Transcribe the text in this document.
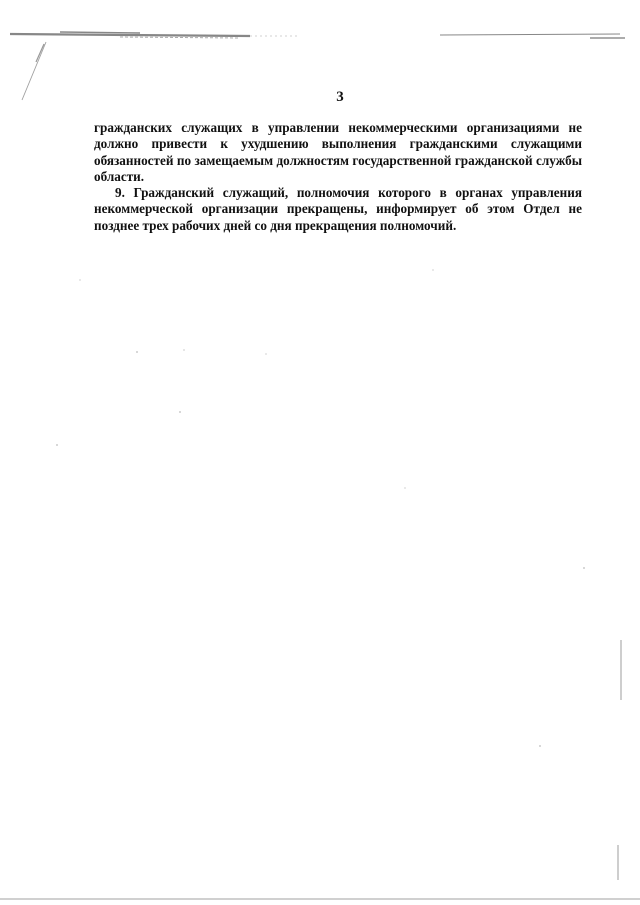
3

гражданских служащих в управлении некоммерческими организациями не должно привести к ухудшению выполнения гражданскими служащими обязанностей по замещаемым должностям государственной гражданской службы области.

9. Гражданский служащий, полномочия которого в органах управления некоммерческой организации прекращены, информирует об этом Отдел не позднее трех рабочих дней со дня прекращения полномочий.
